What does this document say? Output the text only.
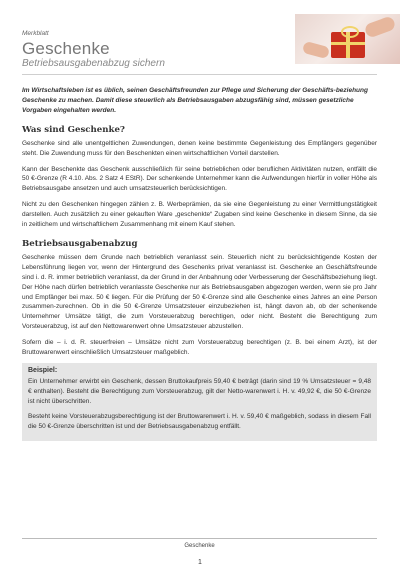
Merkblatt
Geschenke
Betriebsausgabenabzug sichern
Im Wirtschaftsleben ist es üblich, seinen Geschäftsfreunden zur Pflege und Sicherung der Geschäfts-beziehung Geschenke zu machen. Damit diese steuerlich als Betriebsausgaben abzugsfähig sind, müssen gesetzliche Vorgaben eingehalten werden.
Was sind Geschenke?

Geschenke sind alle unentgeltlichen Zuwendungen, denen keine bestimmte Gegenleistung des Empfängers gegenüber steht. Die Zuwendung muss für den Beschenkten einen wirtschaftlichen Vorteil darstellen.

Kann der Beschenkte das Geschenk ausschließlich für seine betrieblichen oder beruflichen Aktivitäten nutzen, entfällt die 50 €-Grenze (R 4.10. Abs. 2 Satz 4 EStR). Der schenkende Unternehmer kann die Aufwendungen hierfür in voller Höhe als Betriebsausgabe ansetzen und auch umsatzsteuerlich berücksichtigen.

Nicht zu den Geschenken hingegen zählen z. B. Werbeprämien, da sie eine Gegenleistung zu einer Vermittlungstätigkeit darstellen. Auch zusätzlich zu einer gekauften Ware „geschenkte“ Zugaben sind keine Geschenke in diesem Sinne, da sie in zeitlichem und wirtschaftlichem Zusammenhang mit einem Kauf stehen.

Betriebsausgabenabzug

Geschenke müssen dem Grunde nach betrieblich veranlasst sein. Steuerlich nicht zu berücksichtigende Kosten der Lebensführung liegen vor, wenn der Hintergrund des Geschenks privat veranlasst ist. Geschenke an Geschäftsfreunde sind i. d. R. immer betrieblich veranlasst, da der Grund in der Anbahnung oder Verbesserung der Geschäftsbeziehung liegt. Der Höhe nach dürfen betrieblich veranlasste Geschenke nur als Betriebsausgaben abgezogen werden, wenn sie pro Jahr und Empfänger bei max. 50 € liegen. Für die Prüfung der 50 €-Grenze sind alle Geschenke eines Jahres an eine Person zusammen-zurechnen. Ob in die 50 €-Grenze Umsatzsteuer einzubeziehen ist, hängt davon ab, ob der schenkende Unternehmer Umsätze tätigt, die zum Vorsteuerabzug berechtigen, oder nicht. Besteht die Berechtigung zum Vorsteuerabzug, ist auf den Nettowarenwert ohne Umsatzsteuer abzustellen.

Sofern die – i. d. R. steuerfreien – Umsätze nicht zum Vorsteuerabzug berechtigen (z. B. bei einem Arzt), ist der Bruttowarenwert einschließlich Umsatzsteuer maßgeblich.

Beispiel:

Ein Unternehmer erwirbt ein Geschenk, dessen Bruttokaufpreis 59,40 € beträgt (darin sind 19 % Umsatzsteuer = 9,48 € enthalten). Besteht die Berechtigung zum Vorsteuerabzug, gilt der Netto-warenwert i. H. v. 49,92 €, die 50 €-Grenze ist nicht überschritten.

Besteht keine Vorsteuerabzugsberechtigung ist der Bruttowarenwert i. H. v. 59,40 € maßgeblich, sodass in diesem Fall die 50 €-Grenze überschritten ist und der Betriebsausgabenabzug entfällt.

Geschenke
1
